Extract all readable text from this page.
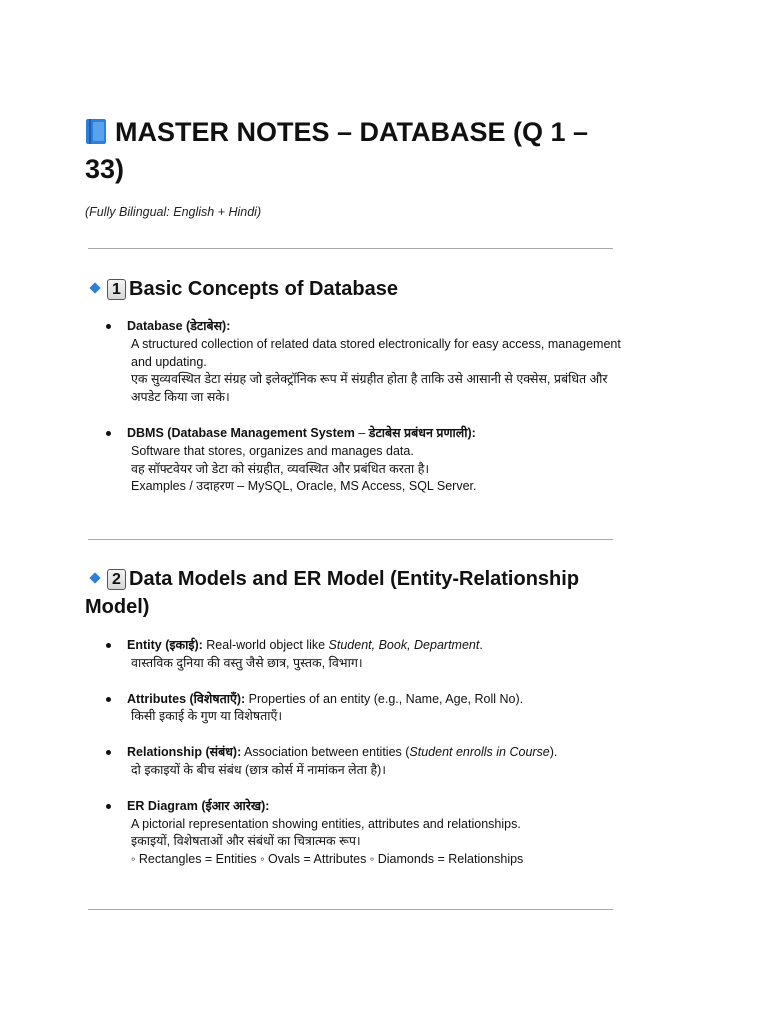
MASTER NOTES – DATABASE (Q 1 – 33)

(Fully Bilingual: English + Hindi)

1 Basic Concepts of Database
Database (डेटाबेस):
A structured collection of related data stored electronically for easy access, management and updating.
एक सुव्यवस्थित डेटा संग्रह जो इलेक्ट्रॉनिक रूप में संग्रहीत होता है ताकि उसे आसानी से एक्सेस, प्रबंधित और अपडेट किया जा सके।
DBMS (Database Management System – डेटाबेस प्रबंधन प्रणाली):
Software that stores, organizes and manages data.
वह सॉफ्टवेयर जो डेटा को संग्रहीत, व्यवस्थित और प्रबंधित करता है।
Examples / उदाहरण – MySQL, Oracle, MS Access, SQL Server.
2 Data Models and ER Model (Entity-Relationship Model)
Entity (इकाई): Real-world object like Student, Book, Department.
वास्तविक दुनिया की वस्तु जैसे छात्र, पुस्तक, विभाग।
Attributes (विशेषताएँ): Properties of an entity (e.g., Name, Age, Roll No).
किसी इकाई के गुण या विशेषताएँ।
Relationship (संबंध): Association between entities (Student enrolls in Course).
दो इकाइयों के बीच संबंध (छात्र कोर्स में नामांकन लेता है)।
ER Diagram (ईआर आरेख):
A pictorial representation showing entities, attributes and relationships.
इकाइयों, विशेषताओं और संबंधों का चित्रात्मक रूप।
◦ Rectangles = Entities ◦ Ovals = Attributes ◦ Diamonds = Relationships
